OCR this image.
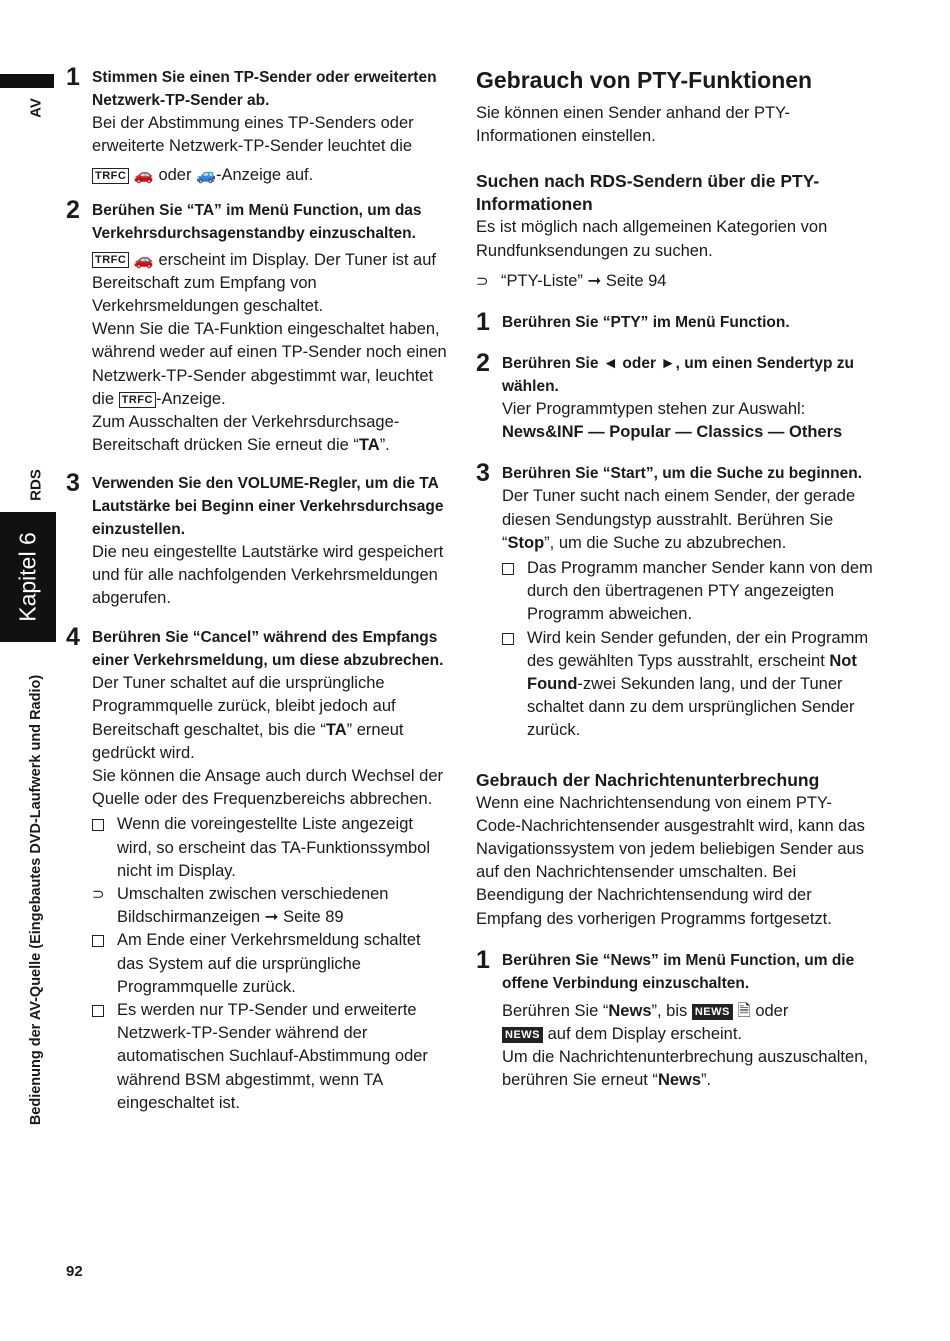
AV
RDS
Kapitel 6
Bedienung der AV-Quelle (Eingebautes DVD-Laufwerk und Radio)
1 Stimmen Sie einen TP-Sender oder erweiterten Netzwerk-TP-Sender ab.
Bei der Abstimmung eines TP-Senders oder erweiterte Netzwerk-TP-Sender leuchtet die
TRFC 🚗 oder 🚙-Anzeige auf.
2 Berühen Sie “TA” im Menü Function, um das Verkehrsdurchsagenstandby einzuschalten.
TRFC 🚗 erscheint im Display. Der Tuner ist auf Bereitschaft zum Empfang von Verkehrsmeldungen geschaltet.
Wenn Sie die TA-Funktion eingeschaltet haben, während weder auf einen TP-Sender noch einen Netzwerk-TP-Sender abgestimmt war, leuchtet die TRFC -Anzeige.
Zum Ausschalten der Verkehrsdurchsage-Bereitschaft drücken Sie erneut die “TA”.
3 Verwenden Sie den VOLUME-Regler, um die TA Lautstärke bei Beginn einer Verkehrsdurchsage einzustellen.
Die neu eingestellte Lautstärke wird gespeichert und für alle nachfolgenden Verkehrsmeldungen abgerufen.
4 Berühren Sie “Cancel” während des Empfangs einer Verkehrsmeldung, um diese abzubrechen.
Der Tuner schaltet auf die ursprüngliche Programmquelle zurück, bleibt jedoch auf Bereitschaft geschaltet, bis die “TA” erneut gedrückt wird.
Sie können die Ansage auch durch Wechsel der Quelle oder des Frequenzbereichs abbrechen.
Wenn die voreingestellte Liste angezeigt wird, so erscheint das TA-Funktionssymbol nicht im Display.
⊃ Umschalten zwischen verschiedenen Bildschirmanzeigen ➞ Seite 89
Am Ende einer Verkehrsmeldung schaltet das System auf die ursprüngliche Programmquelle zurück.
Es werden nur TP-Sender und erweiterte Netzwerk-TP-Sender während der automatischen Suchlauf-Abstimmung oder während BSM abgestimmt, wenn TA eingeschaltet ist.
Gebrauch von PTY-Funktionen
Sie können einen Sender anhand der PTY-Informationen einstellen.
Suchen nach RDS-Sendern über die PTY-Informationen
Es ist möglich nach allgemeinen Kategorien von Rundfunksendungen zu suchen.
⊃ “PTY-Liste” ➞ Seite 94
1 Berühren Sie “PTY” im Menü Function.
2 Berühren Sie ◄ oder ►, um einen Sendertyp zu wählen.
Vier Programmtypen stehen zur Auswahl:
News&INF — Popular — Classics — Others
3 Berühren Sie “Start”, um die Suche zu beginnen.
Der Tuner sucht nach einem Sender, der gerade diesen Sendungstyp ausstrahlt. Berühren Sie “Stop”, um die Suche zu abzubrechen.
Das Programm mancher Sender kann von dem durch den übertragenen PTY angezeigten Programm abweichen.
Wird kein Sender gefunden, der ein Programm des gewählten Typs ausstrahlt, erscheint Not Found-zwei Sekunden lang, und der Tuner schaltet dann zu dem ursprünglichen Sender zurück.
Gebrauch der Nachrichtenunterbrechung
Wenn eine Nachrichtensendung von einem PTY-Code-Nachrichtensender ausgestrahlt wird, kann das Navigationssystem von jedem beliebigen Sender aus auf den Nachrichtensender umschalten. Bei Beendigung der Nachrichtensendung wird der Empfang des vorherigen Programms fortgesetzt.
1 Berühren Sie “News” im Menü Function, um die offene Verbindung einzuschalten.
Berühren Sie “News”, bis NEWS 🗎 oder
NEWS auf dem Display erscheint.
Um die Nachrichtenunterbrechung auszuschalten, berühren Sie erneut “News”.
92
